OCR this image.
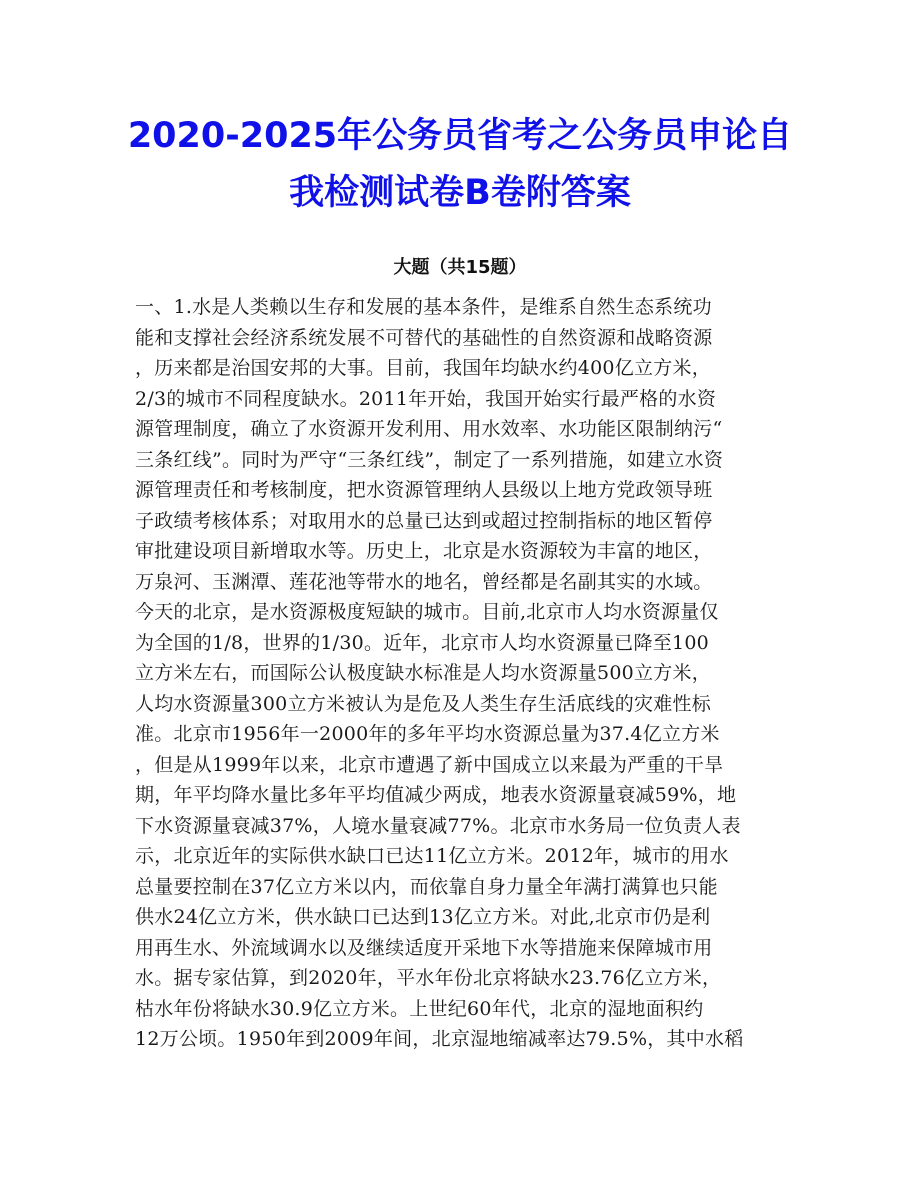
2020-2025年公务员省考之公务员申论自
我检测试卷B卷附答案
大题（共15题）
一、1.水是人类赖以生存和发展的基本条件，是维系自然生态系统功
能和支撑社会经济系统发展不可替代的基础性的自然资源和战略资源
，历来都是治国安邦的大事。目前，我国年均缺水约400亿立方米，
2/3的城市不同程度缺水。2011年开始，我国开始实行最严格的水资
源管理制度，确立了水资源开发利用、用水效率、水功能区限制纳污“
三条红线”。同时为严守“三条红线”，制定了一系列措施，如建立水资
源管理责任和考核制度，把水资源管理纳人县级以上地方党政领导班
子政绩考核体系；对取用水的总量已达到或超过控制指标的地区暂停
审批建设项目新增取水等。历史上，北京是水资源较为丰富的地区，
万泉河、玉渊潭、莲花池等带水的地名，曾经都是名副其实的水域。
今天的北京，是水资源极度短缺的城市。目前,北京市人均水资源量仅
为全国的1/8，世界的1/30。近年，北京市人均水资源量已降至100
立方米左右，而国际公认极度缺水标准是人均水资源量500立方米，
人均水资源量300立方米被认为是危及人类生存生活底线的灾难性标
准。北京市1956年一2000年的多年平均水资源总量为37.4亿立方米
，但是从1999年以来，北京市遭遇了新中国成立以来最为严重的干旱
期，年平均降水量比多年平均值减少两成，地表水资源量衰减59%，地
下水资源量衰减37%，人境水量衰减77%。北京市水务局一位负责人表
示，北京近年的实际供水缺口已达11亿立方米。2012年，城市的用水
总量要控制在37亿立方米以内，而依靠自身力量全年满打满算也只能
供水24亿立方米，供水缺口已达到13亿立方米。对此,北京市仍是利
用再生水、外流域调水以及继续适度开采地下水等措施来保障城市用
水。据专家估算，到2020年，平水年份北京将缺水23.76亿立方米，
枯水年份将缺水30.9亿立方米。上世纪60年代，北京的湿地面积约
12万公顷。1950年到2009年间，北京湿地缩减率达79.5%，其中水稻
